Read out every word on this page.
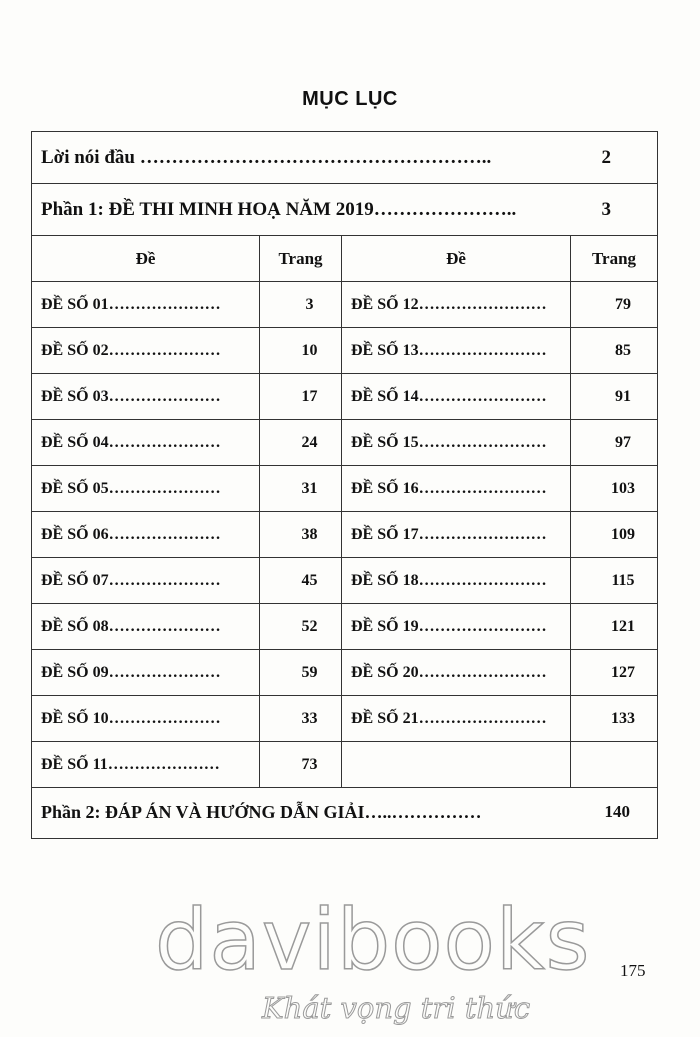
MỤC LỤC
Lời nói đầu ……………………………………………….. 2			

Phần 1: ĐỀ THI MINH HOẠ NĂM 2019………………….. 3			

Đề	Trang	Đề	Trang
ĐỀ SỐ 01…………………	3	ĐỀ SỐ 12……………………	79
ĐỀ SỐ 02…………………	10	ĐỀ SỐ 13……………………	85
ĐỀ SỐ 03…………………	17	ĐỀ SỐ 14……………………	91
ĐỀ SỐ 04…………………	24	ĐỀ SỐ 15……………………	97
ĐỀ SỐ 05…………………	31	ĐỀ SỐ 16……………………	103
ĐỀ SỐ 06…………………	38	ĐỀ SỐ 17……………………	109
ĐỀ SỐ 07…………………	45	ĐỀ SỐ 18……………………	115
ĐỀ SỐ 08…………………	52	ĐỀ SỐ 19……………………	121
ĐỀ SỐ 09…………………	59	ĐỀ SỐ 20……………………	127
ĐỀ SỐ 10…………………	33	ĐỀ SỐ 21……………………	133
ĐỀ SỐ 11…………………	73		
Phần 2: ĐÁP ÁN VÀ HƯỚNG DẪN GIẢI…..…………… 140			
davibooks 175
Khát vọng tri thức
